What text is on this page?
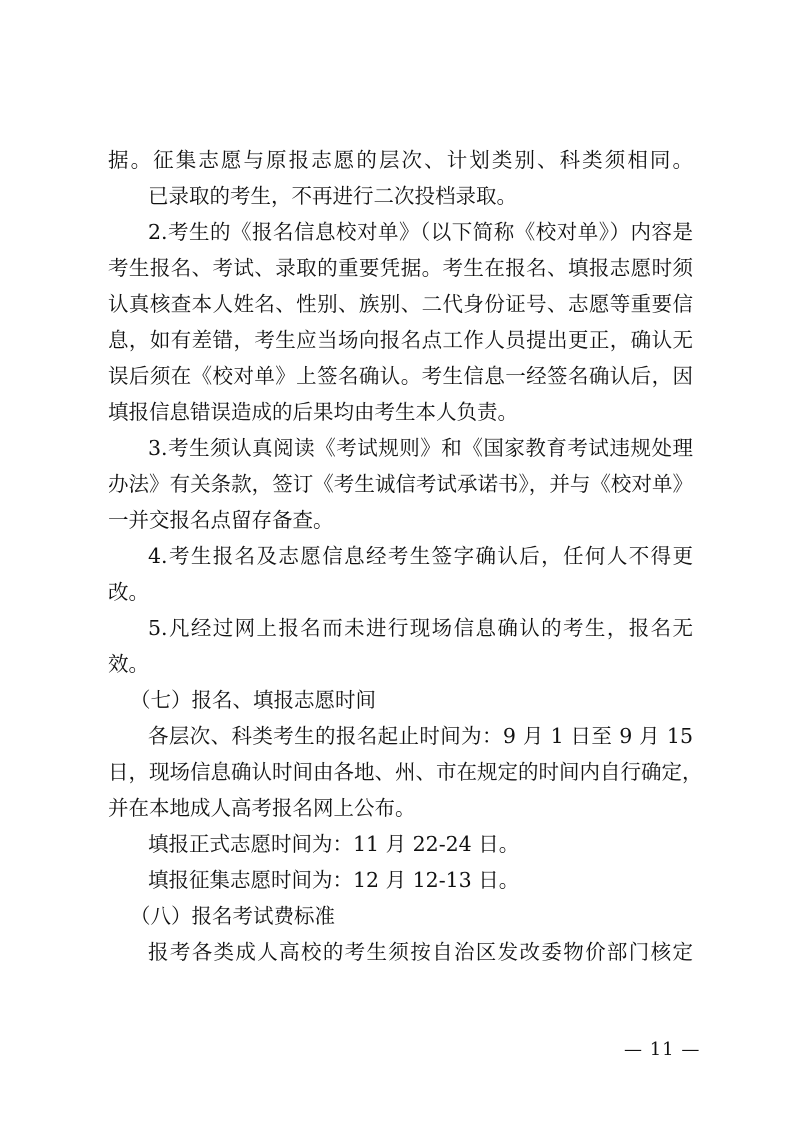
据。征集志愿与原报志愿的层次、计划类别、科类须相同。
已录取的考生，不再进行二次投档录取。
2.考生的《报名信息校对单》（以下简称《校对单》）内容是
考生报名、考试、录取的重要凭据。考生在报名、填报志愿时须
认真核查本人姓名、性别、族别、二代身份证号、志愿等重要信
息，如有差错，考生应当场向报名点工作人员提出更正，确认无
误后须在《校对单》上签名确认。考生信息一经签名确认后，因
填报信息错误造成的后果均由考生本人负责。
3.考生须认真阅读《考试规则》和《国家教育考试违规处理
办法》有关条款，签订《考生诚信考试承诺书》，并与《校对单》
一并交报名点留存备查。
4.考生报名及志愿信息经考生签字确认后，任何人不得更
改。
5.凡经过网上报名而未进行现场信息确认的考生，报名无
效。
（七）报名、填报志愿时间
各层次、科类考生的报名起止时间为：9 月 1 日至 9 月 15
日，现场信息确认时间由各地、州、市在规定的时间内自行确定，
并在本地成人高考报名网上公布。
填报正式志愿时间为：11 月 22-24 日。
填报征集志愿时间为：12 月 12-13 日。
（八）报名考试费标准
报考各类成人高校的考生须按自治区发改委物价部门核定
— 11 —
